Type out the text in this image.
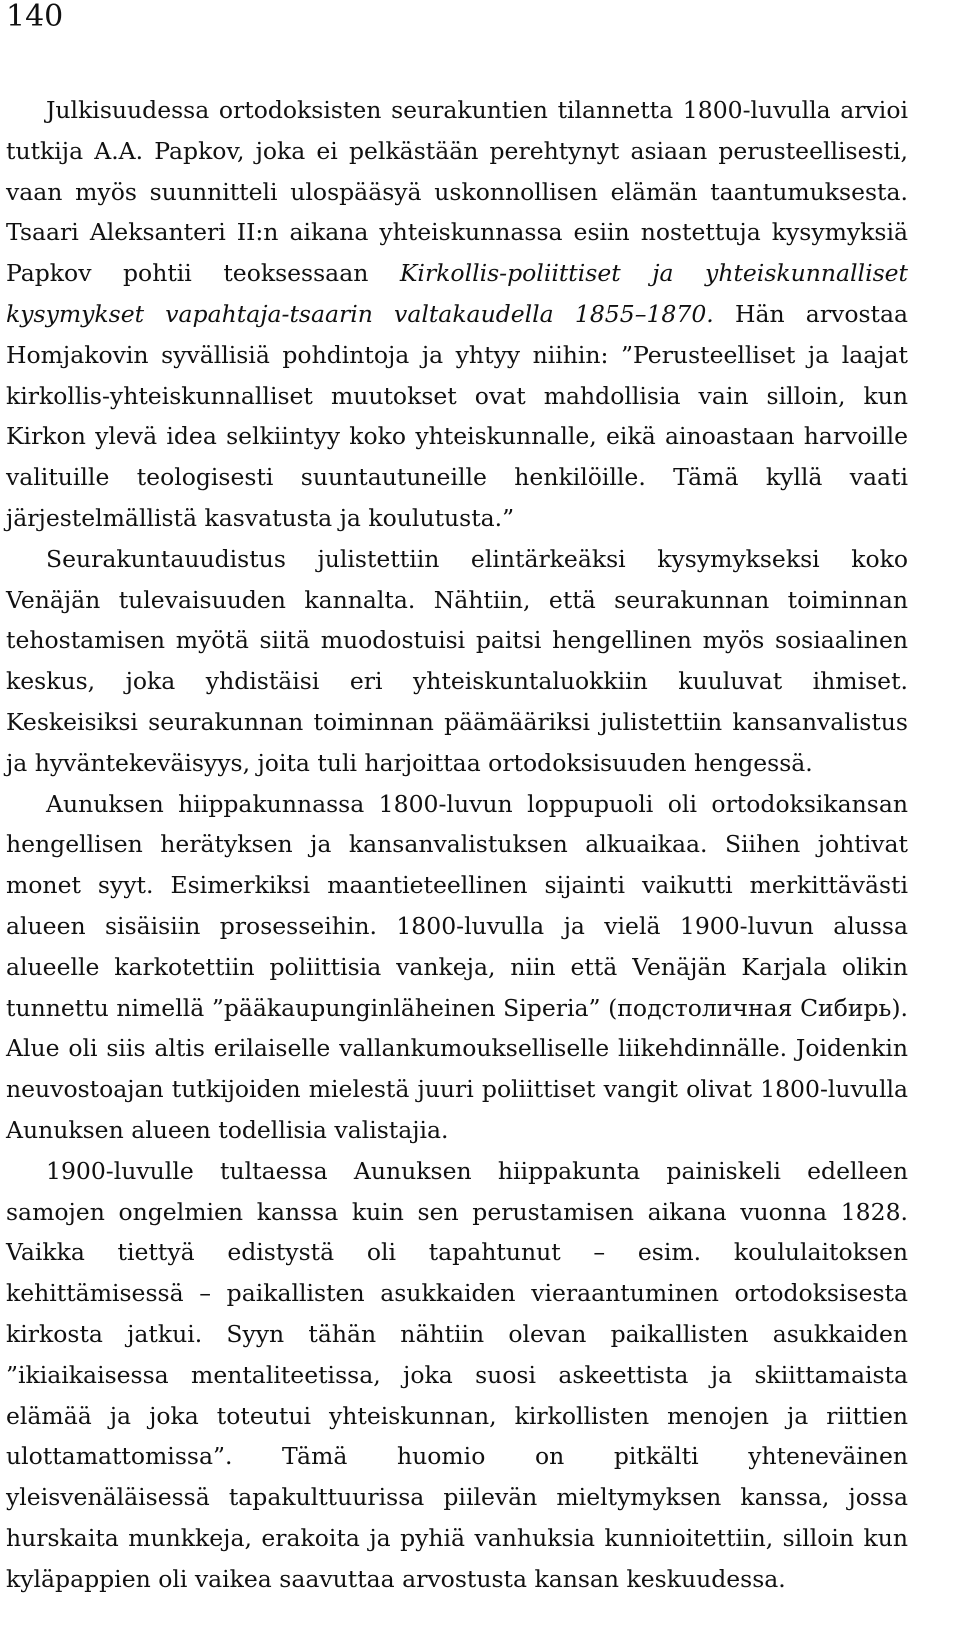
140

Julkisuudessa ortodoksisten seurakuntien tilannetta 1800-luvulla arvioi tutkija A.A. Papkov, joka ei pelkästään perehtynyt asiaan perusteellisesti, vaan myös suunnitteli ulospääsyä uskonnollisen elämän taantumuksesta. Tsaari Aleksanteri II:n aikana yhteiskunnassa esiin nostettuja kysymyksiä Papkov pohtii teoksessaan Kirkollis-poliittiset ja yhteiskunnalliset kysymykset vapahtaja-tsaarin valtakaudella 1855–1870. Hän arvostaa Homjakovin syvällisiä pohdintoja ja yhtyy niihin: ”Perusteelliset ja laajat kirkollis-yhteiskunnalliset muutokset ovat mahdollisia vain silloin, kun Kirkon ylevä idea selkiintyy koko yhteiskunnalle, eikä ainoastaan harvoille valituille teologisesti suuntautuneille henkilöille. Tämä kyllä vaati järjestelmällistä kasvatusta ja koulutusta.”

Seurakuntauudistus julistettiin elintärkeäksi kysymykseksi koko Venäjän tulevaisuuden kannalta. Nähtiin, että seurakunnan toiminnan tehostamisen myötä siitä muodostuisi paitsi hengellinen myös sosiaalinen keskus, joka yhdistäisi eri yhteiskuntaluokkiin kuuluvat ihmiset. Keskeisiksi seurakunnan toiminnan päämääriksi julistettiin kansanvalistus ja hyväntekeväisyys, joita tuli harjoittaa ortodoksisuuden hengessä.

Aunuksen hiippakunnassa 1800-luvun loppupuoli oli ortodoksikansan hengellisen herätyksen ja kansanvalistuksen alkuaikaa. Siihen johtivat monet syyt. Esimerkiksi maantieteellinen sijainti vaikutti merkittävästi alueen sisäisiin prosesseihin. 1800-luvulla ja vielä 1900-luvun alussa alueelle karkotettiin poliittisia vankeja, niin että Venäjän Karjala olikin tunnettu nimellä ”pääkaupunginläheinen Siperia” (подстоличная Сибирь). Alue oli siis altis erilaiselle vallankumoukselliselle liikehdinnälle. Joidenkin neuvostoajan tutkijoiden mielestä juuri poliittiset vangit olivat 1800-luvulla Aunuksen alueen todellisia valistajia.

1900-luvulle tultaessa Aunuksen hiippakunta painiskeli edelleen samojen ongelmien kanssa kuin sen perustamisen aikana vuonna 1828. Vaikka tiettyä edistystä oli tapahtunut – esim. koululaitoksen kehittämisessä – paikallisten asukkaiden vieraantuminen ortodoksisesta kirkosta jatkui. Syyn tähän nähtiin olevan paikallisten asukkaiden ”ikiaikaisessa mentaliteetissa, joka suosi askeettista ja skiittamaista elämää ja joka toteutui yhteiskunnan, kirkollisten menojen ja riittien ulottamattomissa”. Tämä huomio on pitkälti yhteneväinen yleisvenäläisessä tapakulttuurissa piilevän mieltymyksen kanssa, jossa hurskaita munkkeja, erakoita ja pyhiä vanhuksia kunnioitettiin, silloin kun kyläpappien oli vaikea saavuttaa arvostusta kansan keskuudessa.
